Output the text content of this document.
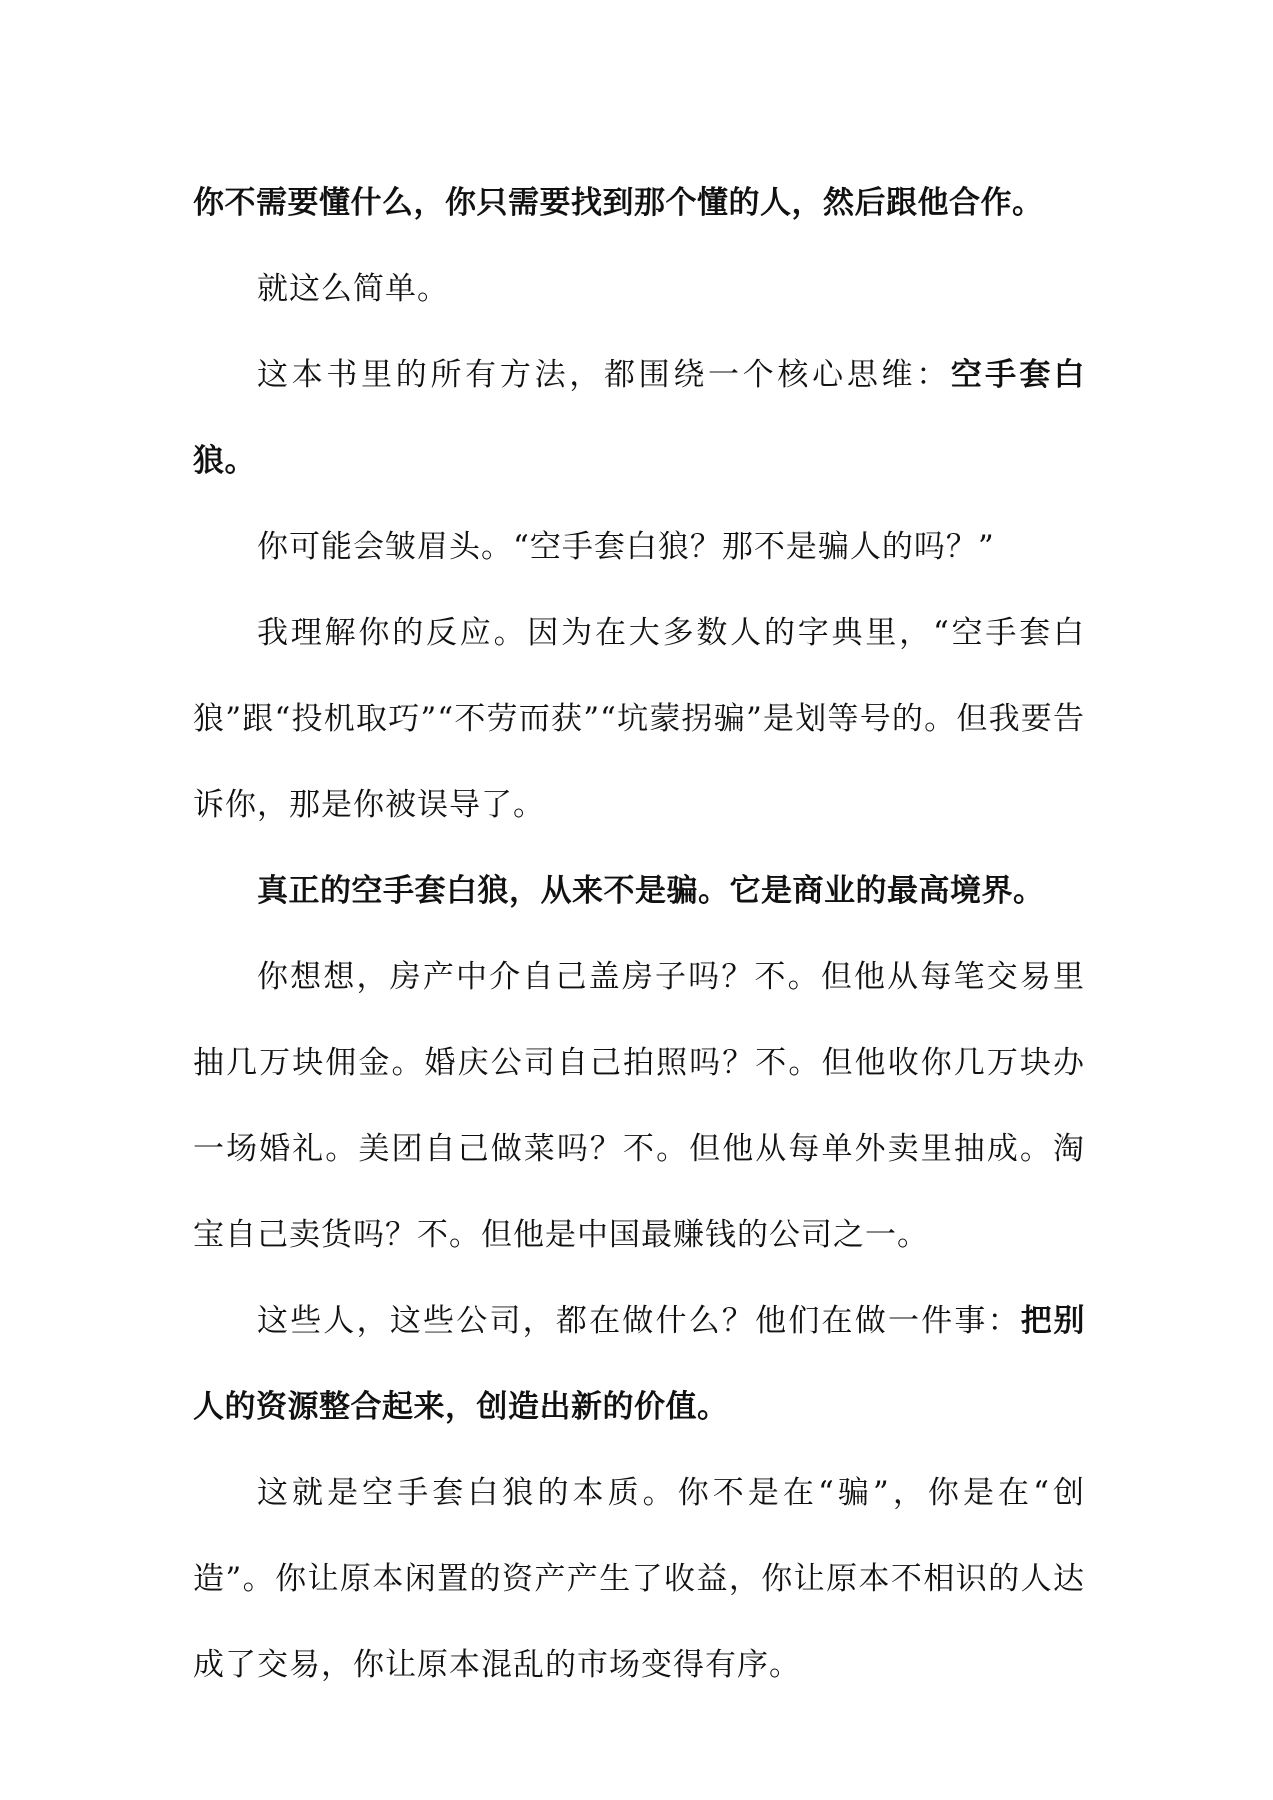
你不需要懂什么，你只需要找到那个懂的人，然后跟他合作。

就这么简单。

这本书里的所有方法，都围绕一个核心思维：空手套白狼。

你可能会皱眉头。“空手套白狼？那不是骗人的吗？”

我理解你的反应。因为在大多数人的字典里，“空手套白狼”跟“投机取巧”“不劳而获”“坑蒙拐骗”是划等号的。但我要告诉你，那是你被误导了。

真正的空手套白狼，从来不是骗。它是商业的最高境界。

你想想，房产中介自己盖房子吗？不。但他从每笔交易里抽几万块佣金。婚庆公司自己拍照吗？不。但他收你几万块办一场婚礼。美团自己做菜吗？不。但他从每单外卖里抽成。淘宝自己卖货吗？不。但他是中国最赚钱的公司之一。

这些人，这些公司，都在做什么？他们在做一件事：把别人的资源整合起来，创造出新的价值。

这就是空手套白狼的本质。你不是在“骗”，你是在“创造”。你让原本闲置的资产产生了收益，你让原本不相识的人达成了交易，你让原本混乱的市场变得有序。
